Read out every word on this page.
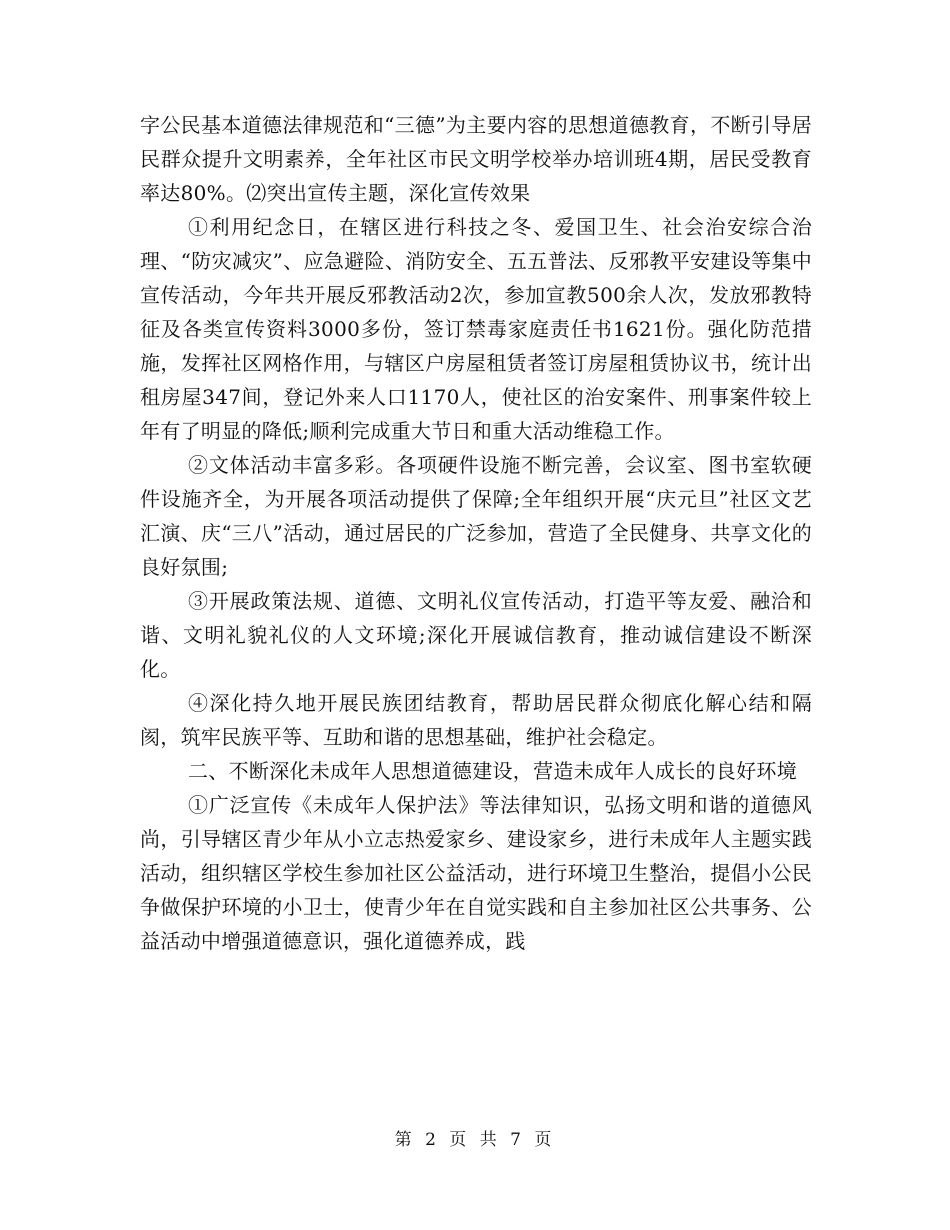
字公民基本道德法律规范和“三德”为主要内容的思想道德教育，不断引导居民群众提升文明素养，全年社区市民文明学校举办培训班4期，居民受教育率达80%。⑵突出宣传主题，深化宣传效果

①利用纪念日，在辖区进行科技之冬、爱国卫生、社会治安综合治理、“防灾减灾”、应急避险、消防安全、五五普法、反邪教平安建设等集中宣传活动，今年共开展反邪教活动2次，参加宣教500余人次，发放邪教特征及各类宣传资料3000多份，签订禁毒家庭责任书1621份。强化防范措施，发挥社区网格作用，与辖区户房屋租赁者签订房屋租赁协议书，统计出租房屋347间，登记外来人口1170人，使社区的治安案件、刑事案件较上年有了明显的降低;顺利完成重大节日和重大活动维稳工作。

②文体活动丰富多彩。各项硬件设施不断完善，会议室、图书室软硬件设施齐全，为开展各项活动提供了保障;全年组织开展“庆元旦”社区文艺汇演、庆“三八”活动，通过居民的广泛参加，营造了全民健身、共享文化的良好氛围;

③开展政策法规、道德、文明礼仪宣传活动，打造平等友爱、融洽和谐、文明礼貌礼仪的人文环境;深化开展诚信教育，推动诚信建设不断深化。

④深化持久地开展民族团结教育，帮助居民群众彻底化解心结和隔阂，筑牢民族平等、互助和谐的思想基础，维护社会稳定。

二、不断深化未成年人思想道德建设，营造未成年人成长的良好环境

①广泛宣传《未成年人保护法》等法律知识，弘扬文明和谐的道德风尚，引导辖区青少年从小立志热爱家乡、建设家乡，进行未成年人主题实践活动，组织辖区学校生参加社区公益活动，进行环境卫生整治，提倡小公民争做保护环境的小卫士，使青少年在自觉实践和自主参加社区公共事务、公益活动中增强道德意识，强化道德养成，践

第 2 页 共 7 页
